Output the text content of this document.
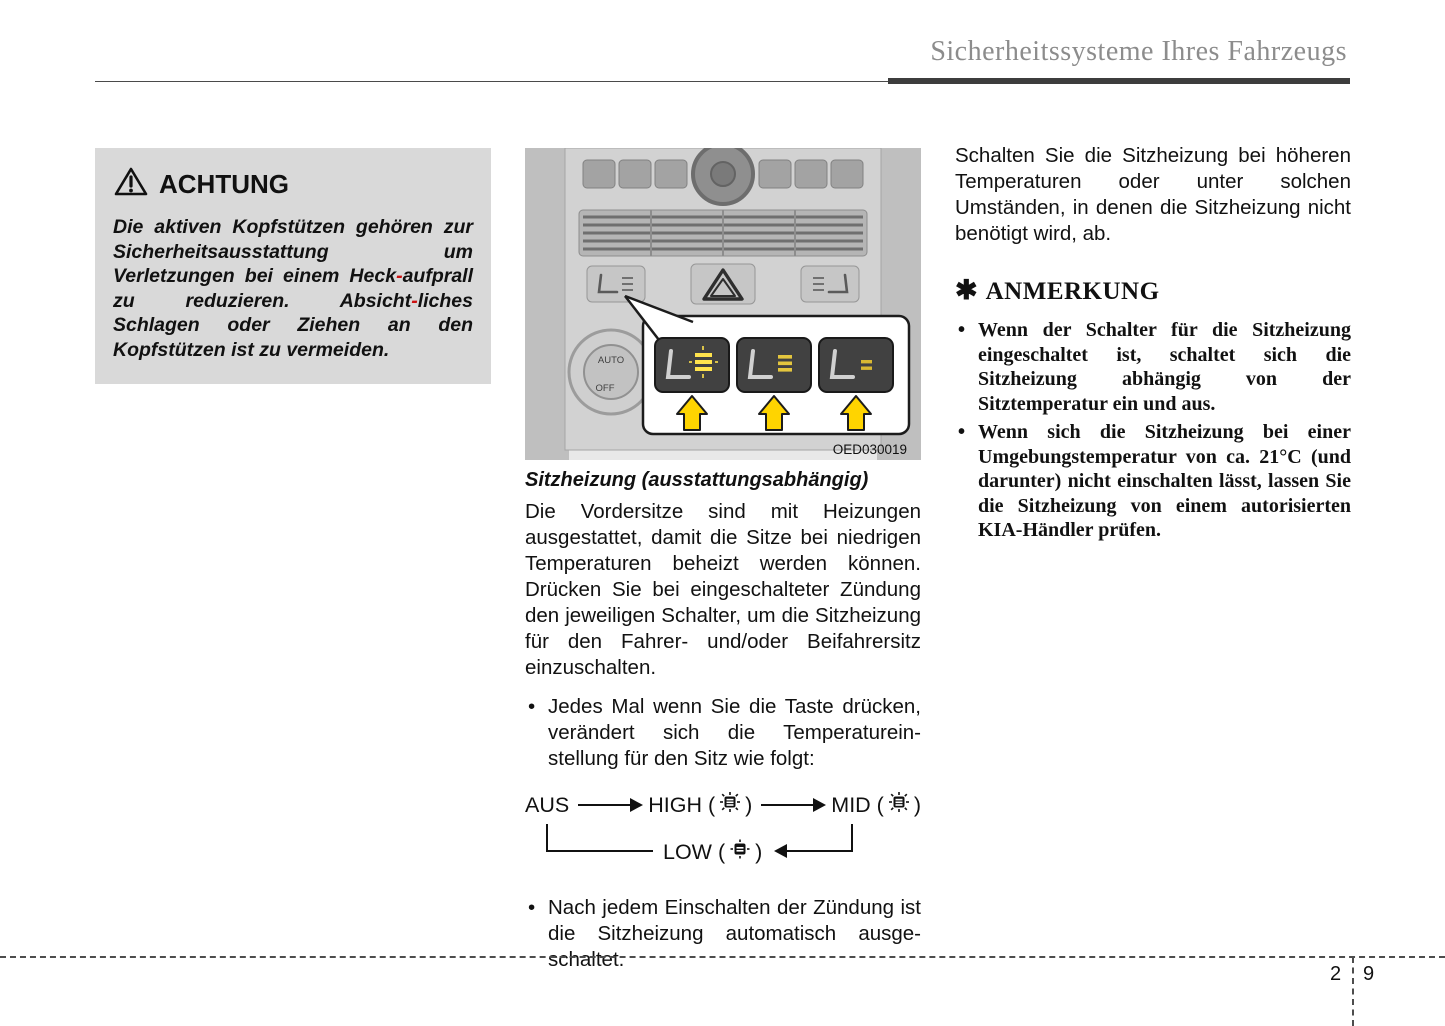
Sicherheitssysteme Ihres Fahrzeugs
ACHTUNG

Die aktiven Kopfstützen gehören zur Sicherheitsausstattung um Verletzungen bei einem Heck-aufprall zu reduzieren. Absicht-liches Schlagen oder Ziehen an den Kopfstützen ist zu vermeiden.	AUTO
OFF
OED030019
Sitzheizung (ausstattungsabhängig)

Die Vordersitze sind mit Heizungen ausgestattet, damit die Sitze bei niedrigen Temperaturen beheizt werden können. Drücken Sie bei eingeschalteter Zündung den jeweiligen Schalter, um die Sitzheizung für den Fahrer- und/oder Beifahrersitz einzuschalten.

• Jedes Mal wenn Sie die Taste drücken, verändert sich die Temperaturein-stellung für den Sitz wie folgt:
AUS	HIGH ( )	MID ( )
LOW ( )
• Nach jedem Einschalten der Zündung ist die Sitzheizung automatisch ausge-schaltet.

Schalten Sie die Sitzheizung bei höheren Temperaturen oder unter solchen Umständen, in denen die Sitzheizung nicht benötigt wird, ab.

✱ ANMERKUNG
• Wenn der Schalter für die Sitzheizung eingeschaltet ist, schaltet sich die Sitzheizung abhängig von der Sitztemperatur ein und aus.
• Wenn sich die Sitzheizung bei einer Umgebungstemperatur von ca. 21°C (und darunter) nicht einschalten lässt, lassen Sie die Sitzheizung von einem autorisierten KIA-Händler prüfen.
2 9
